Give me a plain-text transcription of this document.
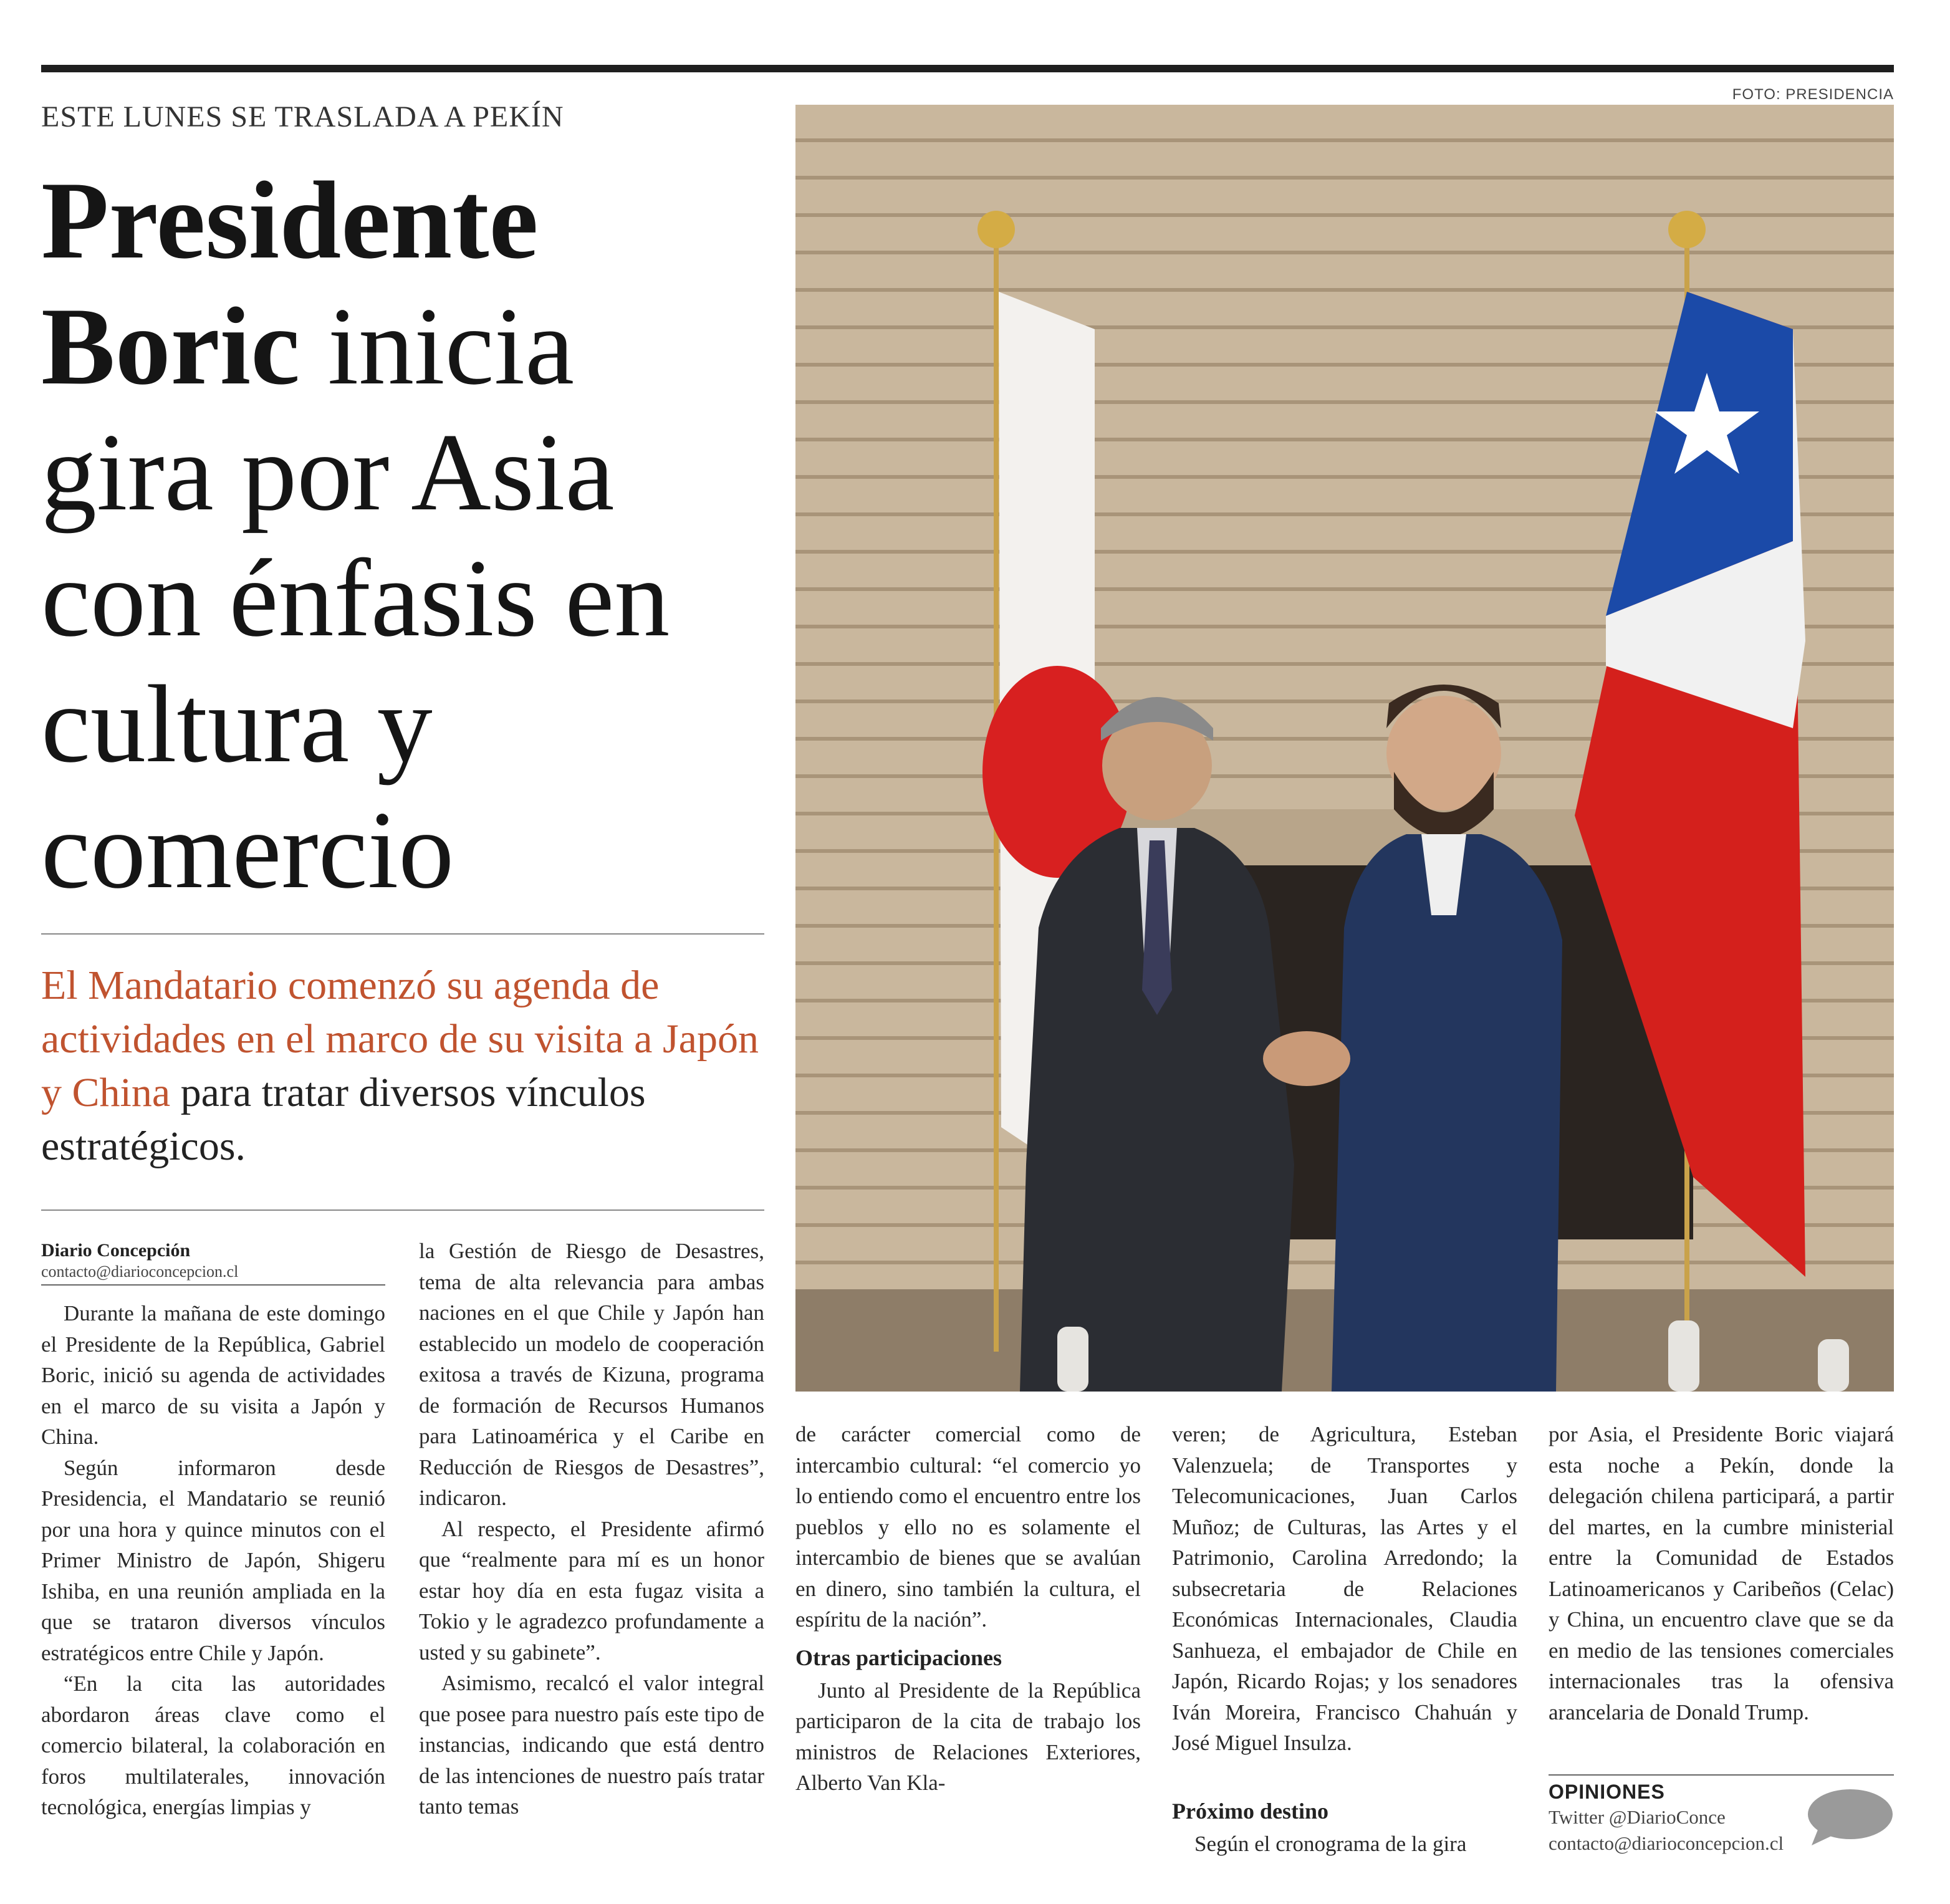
ESTE LUNES SE TRASLADA A PEKÍN
Presidente Boric inicia gira por Asia con énfasis en cultura y comercio
El Mandatario comenzó su agenda de actividades en el marco de su visita a Japón y China para tratar diversos vínculos estratégicos.
Diario Concepción
contacto@diarioconcepcion.cl

Durante la mañana de este domingo el Presidente de la República, Gabriel Boric, inició su agenda de actividades en el marco de su visita a Japón y China.

Según informaron desde Presidencia, el Mandatario se reunió por una hora y quince minutos con el Primer Ministro de Japón, Shigeru Ishiba, en una reunión ampliada en la que se trataron diversos vínculos estratégicos entre Chile y Japón.

“En la cita las autoridades abordaron áreas clave como el comercio bilateral, la colaboración en foros multilaterales, innovación tecnológica, energías limpias y

la Gestión de Riesgo de Desastres, tema de alta relevancia para ambas naciones en el que Chile y Japón han establecido un modelo de cooperación exitosa a través de Kizuna, programa de formación de Recursos Humanos para Latinoamérica y el Caribe en Reducción de Riesgos de Desastres”, indicaron.

Al respecto, el Presidente afirmó que “realmente para mí es un honor estar hoy día en esta fugaz visita a Tokio y le agradezco profundamente a usted y su gabinete”.

Asimismo, recalcó el valor integral que posee para nuestro país este tipo de instancias, indicando que está dentro de las intenciones de nuestro país tratar tanto temas

FOTO: PRESIDENCIA

de carácter comercial como de intercambio cultural: “el comercio yo lo entiendo como el encuentro entre los pueblos y ello no es solamente el intercambio de bienes que se avalúan en dinero, sino también la cultura, el espíritu de la nación”.

Otras participaciones

Junto al Presidente de la República participaron de la cita de trabajo los ministros de Relaciones Exteriores, Alberto Van Kla-

veren; de Agricultura, Esteban Valenzuela; de Transportes y Telecomunicaciones, Juan Carlos Muñoz; de Culturas, las Artes y el Patrimonio, Carolina Arredondo; la subsecretaria de Relaciones Económicas Internacionales, Claudia Sanhueza, el embajador de Chile en Japón, Ricardo Rojas; y los senadores Iván Moreira, Francisco Chahuán y José Miguel Insulza.

Próximo destino

Según el cronograma de la gira

por Asia, el Presidente Boric viajará esta noche a Pekín, donde la delegación chilena participará, a partir del martes, en la cumbre ministerial entre la Comunidad de Estados Latinoamericanos y Caribeños (Celac) y China, un encuentro clave que se da en medio de las tensiones comerciales internacionales tras la ofensiva arancelaria de Donald Trump.

OPINIONES
Twitter @DiarioConce
contacto@diarioconcepcion.cl
